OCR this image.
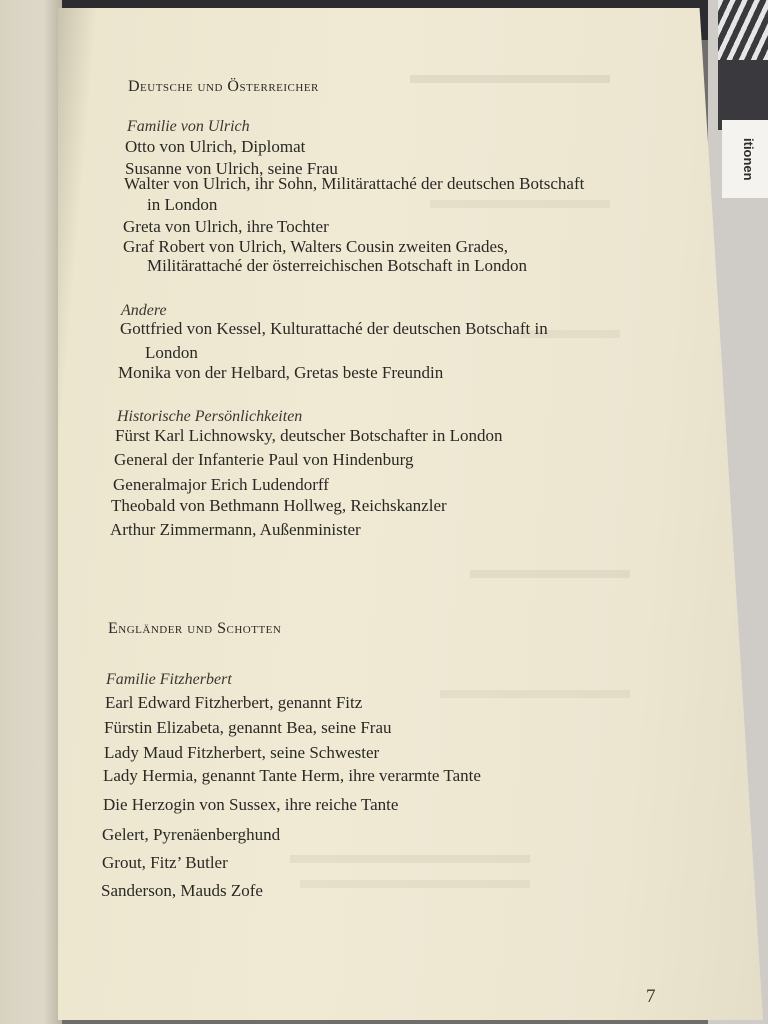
itionen
Deutsche und Österreicher
Familie von Ulrich
Otto von Ulrich, Diplomat
Susanne von Ulrich, seine Frau
Walter von Ulrich, ihr Sohn, Militärattaché der deutschen Botschaft
in London
Greta von Ulrich, ihre Tochter
Graf Robert von Ulrich, Walters Cousin zweiten Grades,
Militärattaché der österreichischen Botschaft in London
Andere
Gottfried von Kessel, Kulturattaché der deutschen Botschaft in
London
Monika von der Helbard, Gretas beste Freundin
Historische Persönlichkeiten
Fürst Karl Lichnowsky, deutscher Botschafter in London
General der Infanterie Paul von Hindenburg
Generalmajor Erich Ludendorff
Theobald von Bethmann Hollweg, Reichskanzler
Arthur Zimmermann, Außenminister
Engländer und Schotten
Familie Fitzherbert
Earl Edward Fitzherbert, genannt Fitz
Fürstin Elizabeta, genannt Bea, seine Frau
Lady Maud Fitzherbert, seine Schwester
Lady Hermia, genannt Tante Herm, ihre verarmte Tante
Die Herzogin von Sussex, ihre reiche Tante
Gelert, Pyrenäenberghund
Grout, Fitz’ Butler
Sanderson, Mauds Zofe
7
